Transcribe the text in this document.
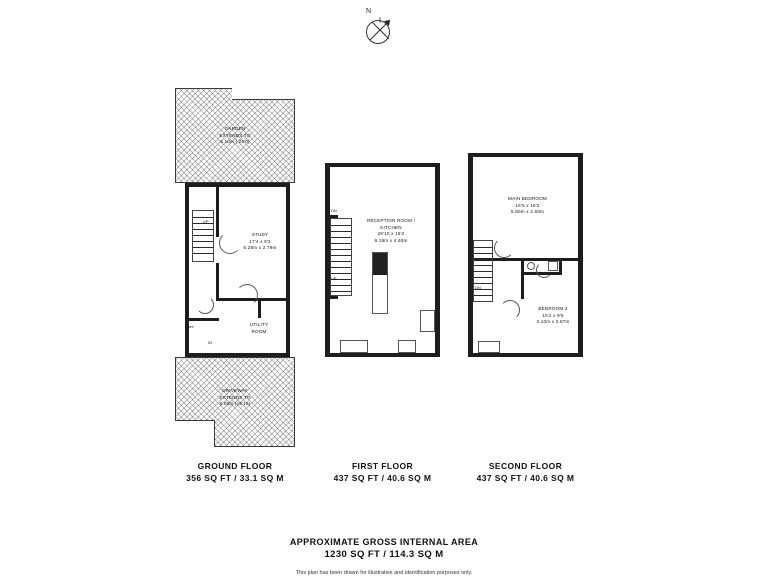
N
GARDEN
EXTENDS TO
6.10m ( 20'0)
DRIVEWAY
EXTENDS TO
6.05m (19'10)
UP
IN
store
STUDY
17'4 x 9'2
5.28m x 2.79m
UTILITY
ROOM
GROUND FLOOR
356 SQ FT / 33.1 SQ M
DN
UP
RECEPTION ROOM /
KITCHEN
26'10 x 16'2
9.18m x 4.93m
FIRST FLOOR
437 SQ FT / 40.6 SQ M
DN
MAIN BEDROOM
16'5 x 16'2
5.00m x 4.93m
BEDROOM 2
10'2 x 9'5
3.10m x 2.87m
SECOND FLOOR
437 SQ FT / 40.6 SQ M
APPROXIMATE GROSS INTERNAL AREA
1230 SQ FT / 114.3 SQ M
This plan has been drawn for illustrative and identification purposes only.
